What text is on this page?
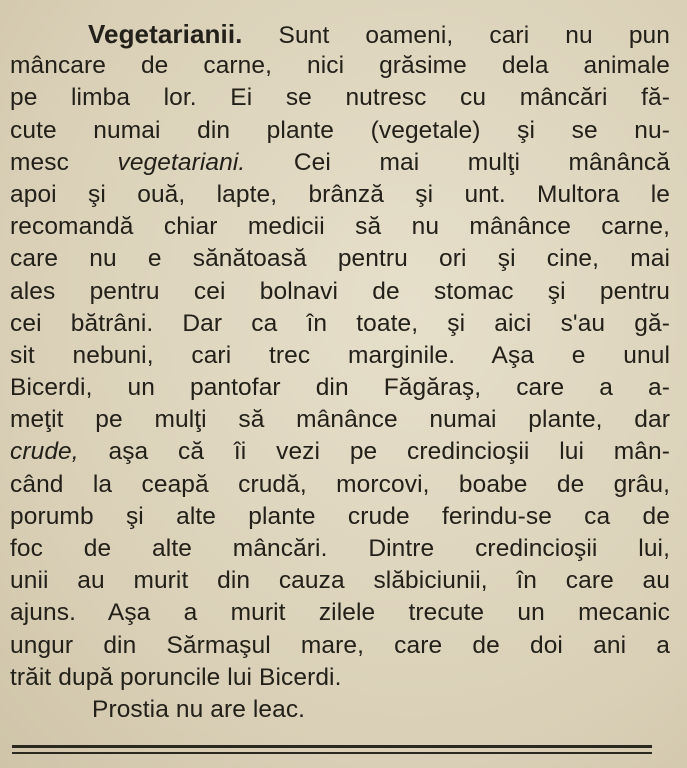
Vegetarianii. Sunt oameni, cari nu pun
mâncare de carne, nici grăsime dela animale
pe limba lor. Ei se nutresc cu mâncări fă-
cute numai din plante (vegetale) şi se nu-
mesc vegetariani. Cei mai mulţi mânâncă
apoi şi ouă, lapte, brânză şi unt. Multora le
recomandă chiar medicii să nu mânânce carne,
care nu e sănătoasă pentru ori şi cine, mai
ales pentru cei bolnavi de stomac şi pentru
cei bătrâni. Dar ca în toate, şi aici s'au gă-
sit nebuni, cari trec marginile. Aşa e unul
Bicerdi, un pantofar din Făgăraş, care a a-
meţit pe mulţi să mânânce numai plante, dar
crude, aşa că îi vezi pe credincioşii lui mân-
când la ceapă crudă, morcovi, boabe de grâu,
porumb şi alte plante crude ferindu-se ca de
foc de alte mâncări. Dintre credincioşii lui,
unii au murit din cauza slăbiciunii, în care au
ajuns. Aşa a murit zilele trecute un mecanic
ungur din Sărmaşul mare, care de doi ani a
trăit după poruncile lui Bicerdi.
Prostia nu are leac.
